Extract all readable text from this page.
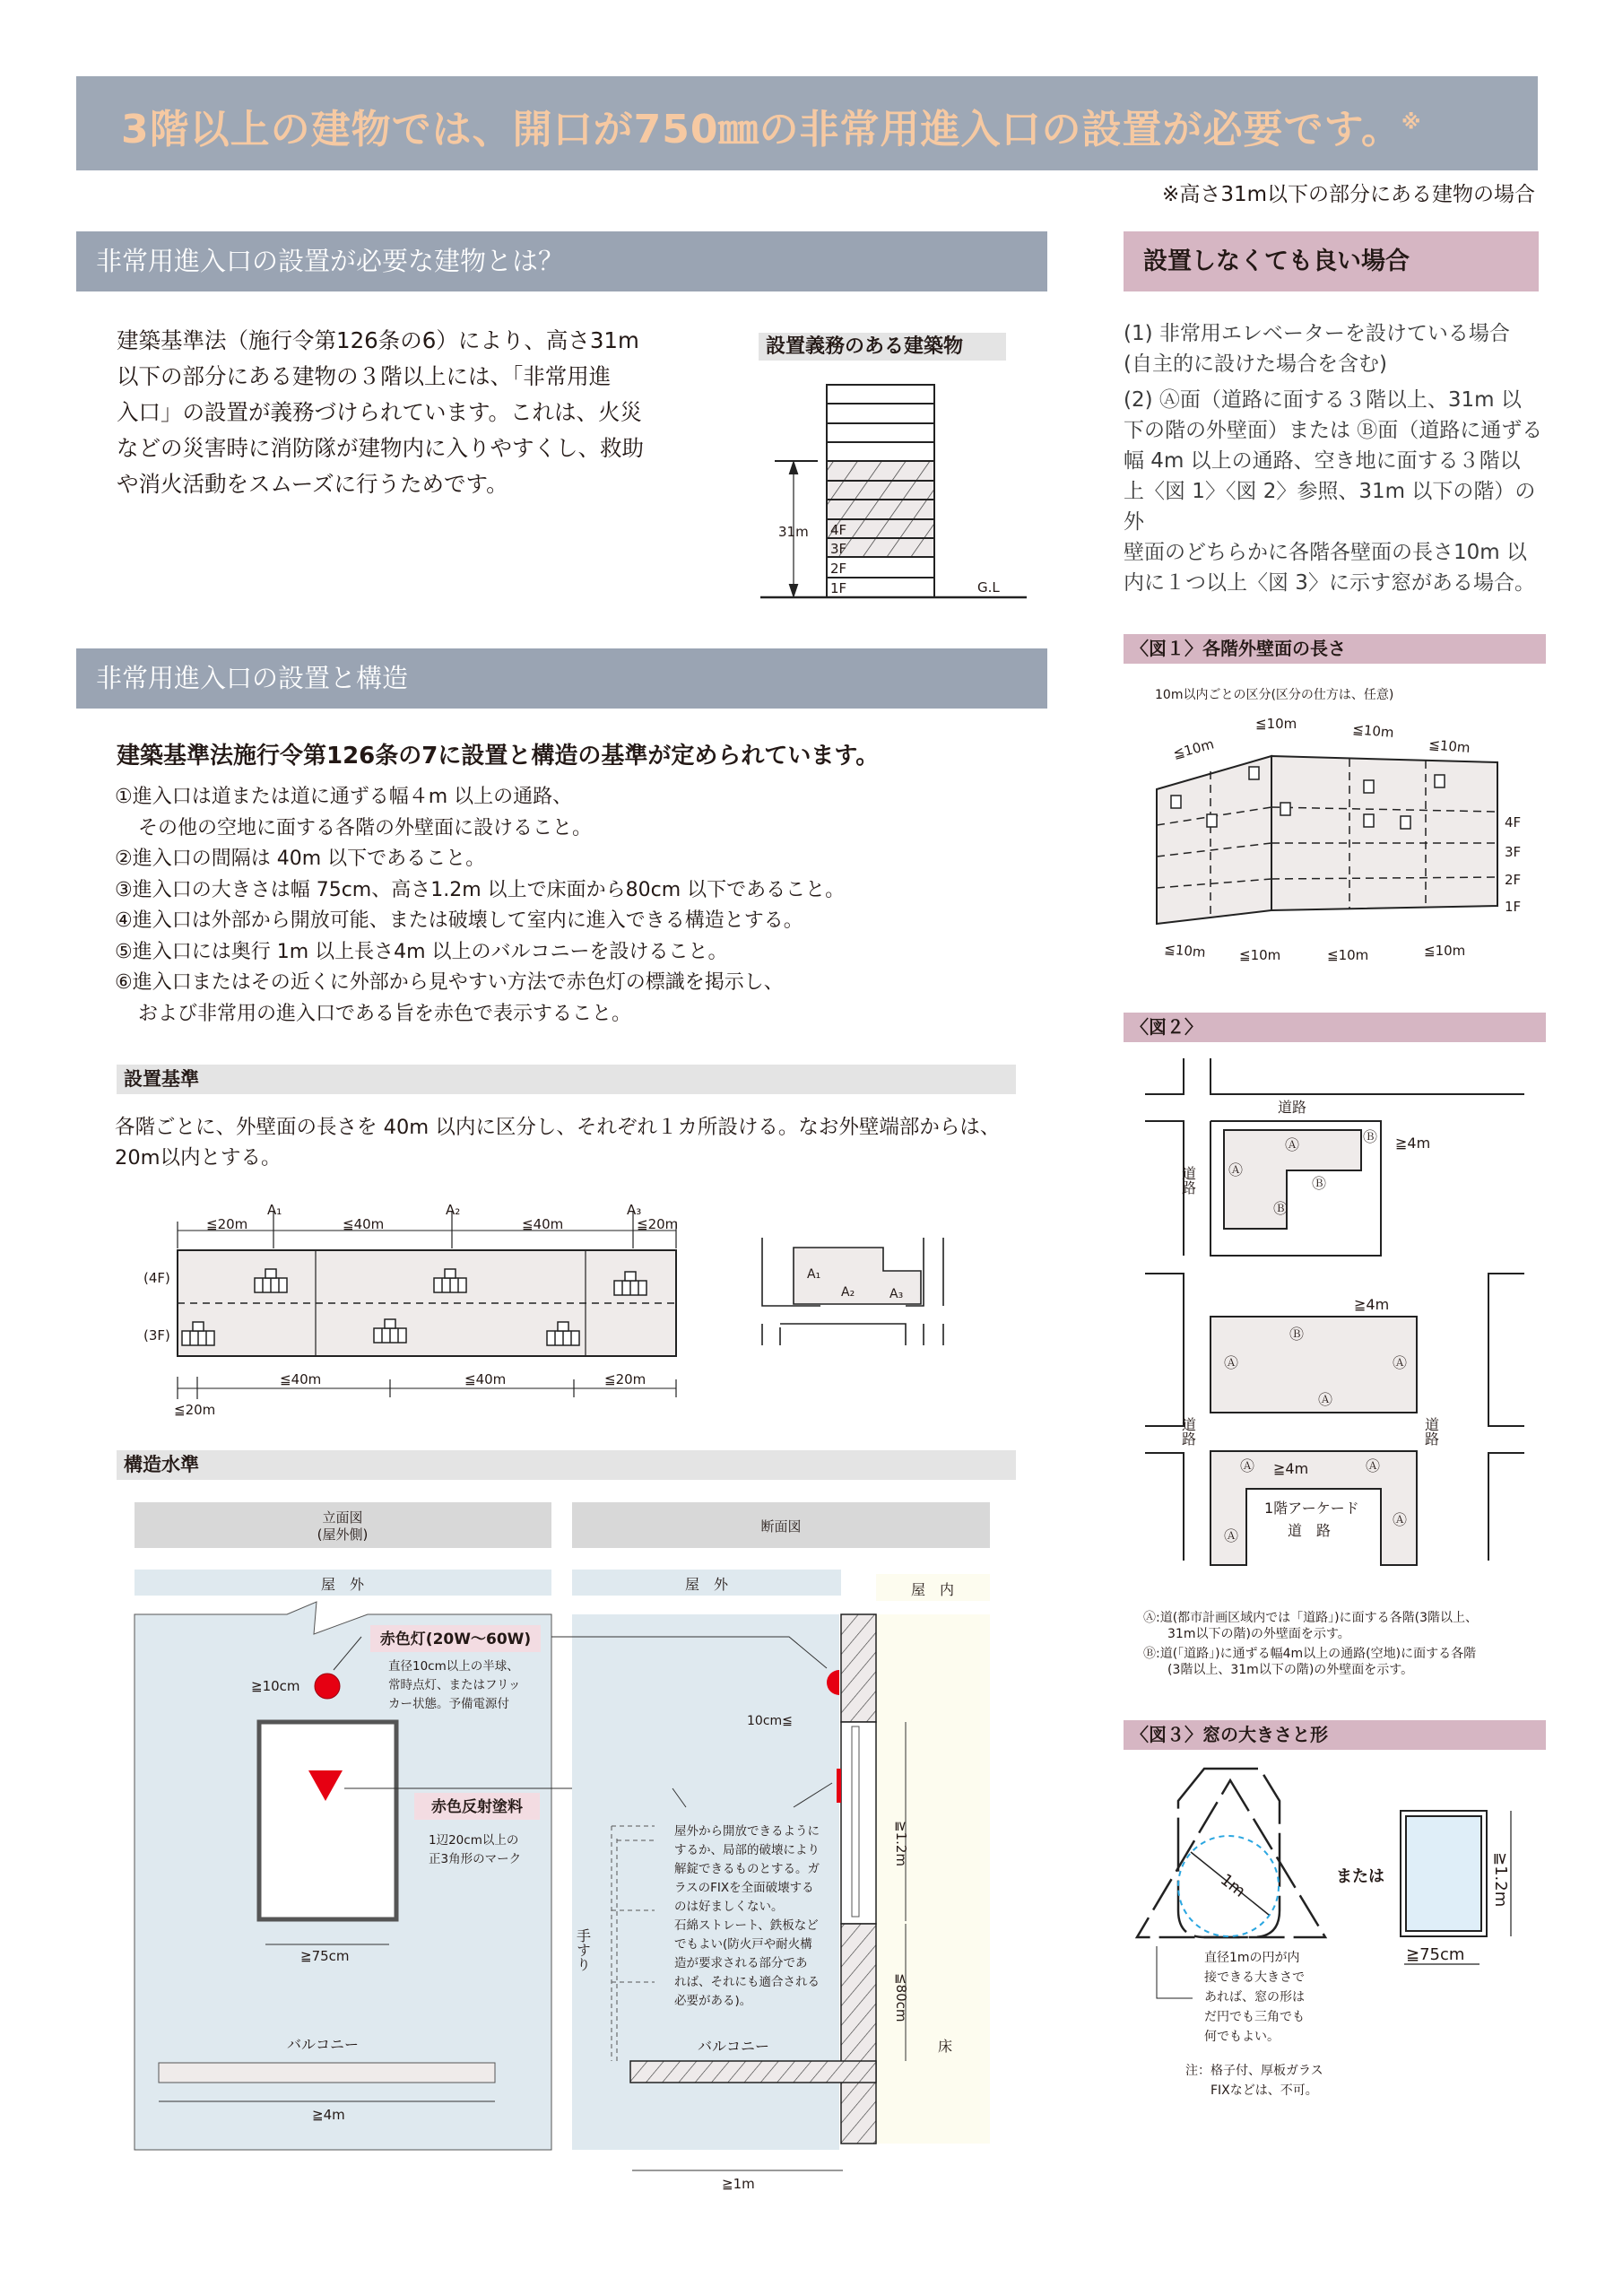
3階以上の建物では、開口が750㎜の非常用進入口の設置が必要です。※
※高さ31m以下の部分にある建物の場合
非常用進入口の設置が必要な建物とは？
建築基準法（施行令第126条の6）により、高さ31m
以下の部分にある建物の３階以上には、「非常用進
入口」の設置が義務づけられています。これは、火災
などの災害時に消防隊が建物内に入りやすくし、救助
や消火活動をスムーズに行うためです。
設置義務のある建築物
設置しなくても良い場合
(1) 非常用エレベーターを設けている場合
(自主的に設けた場合を含む)
(2) Ⓐ面（道路に面する３階以上、31m 以
下の階の外壁面）または Ⓑ面（道路に通ずる
幅 4m 以上の通路、空き地に面する３階以
上〈図 1〉〈図 2〉参照、31m 以下の階）の外
壁面のどちらかに各階各壁面の長さ10m 以
内に１つ以上〈図 3〉に示す窓がある場合。
非常用進入口の設置と構造
建築基準法施行令第126条の7に設置と構造の基準が定められています。
①進入口は道または道に通ずる幅４m 以上の通路、
その他の空地に面する各階の外壁面に設けること。
②進入口の間隔は 40m 以下であること。
③進入口の大きさは幅 75cm、高さ1.2m 以上で床面から80cm 以下であること。
④進入口は外部から開放可能、または破壊して室内に進入できる構造とする。
⑤進入口には奥行 1m 以上長さ4m 以上のバルコニーを設けること。
⑥進入口またはその近くに外部から見やすい方法で赤色灯の標識を掲示し、
および非常用の進入口である旨を赤色で表示すること。
設置基準
各階ごとに、外壁面の長さを 40m 以内に区分し、それぞれ１カ所設ける。なお外壁端部からは、
20m以内とする。
構造水準
〈図１〉各階外壁面の長さ
〈図２〉
〈図３〉窓の大きさと形
31m 4F
3F
2F
1F	G.L
≦20m	≦40m	≦40m	≦20m
A₁	A₂	A₃
(4F)
(3F)
≦40m	≦40m	≦20m
≦20m
A₁
A₂	A₃
立面図
(屋外側)	断面図
屋　外	屋　外	屋　内
赤色灯(20W～60W)
直径10cm以上の半球、
常時点灯、またはフリッ
カー状態。予備電源付
≧10cm
赤色反射塗料
1辺20cm以上の
正3角形のマーク
≧75cm
バルコニー
≧4m
10cm≦
屋外から開放できるように
するか、局部的破壊により
解錠できるものとする。ガ
ラスのFIXを全面破壊する
のは好ましくない。
石綿ストレート、鉄板など
でもよい(防火戸や耐火構
造が要求される部分であ
れば、それにも適合される
必要がある)。
手すり
≧1.2m
≦80cm
床
バルコニー
≧1m
10m以内ごとの区分(区分の仕方は、任意)
≦10m
≦10m	≦10m
≦10m
≦10m ≦10m	≦10m	≦10m
4F
3F
2F
1F
道路
道路
道路	道路
≧4m
≧4m
≧4m
1階アーケード
道　路
Ⓐ
Ⓐ
Ⓑ
Ⓑ
Ⓑ
Ⓑ
Ⓐ	Ⓐ
Ⓐ
Ⓐ	Ⓐ
Ⓐ
Ⓐ
Ⓐ:道(都市計画区域内では「道路」)に面する各階(3階以上、
31m以下の階)の外壁面を示す。
Ⓑ:道(「道路」)に通ずる幅4m以上の通路(空地)に面する各階
(3階以上、31m以下の階)の外壁面を示す。
1m	または	≧1.2m
≧75cm
直径1mの円が内
接できる大きさで
あれば、窓の形は
だ円でも三角でも
何でもよい。
注：格子付、厚板ガラス
FIXなどは、不可。
